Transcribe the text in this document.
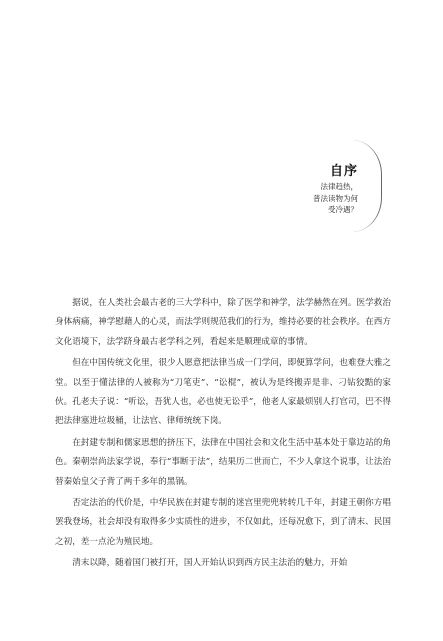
自序
法律趋热，
普法读物为何
受冷遇？

据说，在人类社会最古老的三大学科中，除了医学和神学，法学赫然在列。医学救治身体病痛，神学慰藉人的心灵，而法学则规范我们的行为，维持必要的社会秩序。在西方文化语境下，法学跻身最古老学科之列，看起来是顺理成章的事情。

但在中国传统文化里，很少人愿意把法律当成一门学问，即便算学问，也难登大雅之堂。以至于懂法律的人被称为“刀笔吏”、“讼棍”，被认为是终搬弄是非、刁钻狡黠的家伙。孔老夫子说：“听讼，吾犹人也，必也使无讼乎”，他老人家最烦别人打官司，巴不得把法律塞进垃圾桶，让法官、律师统统下岗。

在封建专制和儒家思想的挤压下，法律在中国社会和文化生活中基本处于靠边站的角色。秦朝崇尚法家学说，奉行“事断于法”，结果历二世而亡，不少人拿这个说事，让法治替秦始皇父子背了两千多年的黑锅。

否定法治的代价是，中华民族在封建专制的迷宫里兜兜转转几千年，封建王朝你方唱罢我登场，社会却没有取得多少实质性的进步，不仅如此，还每况愈下，到了清末、民国之初，差一点沦为殖民地。

清末以降，随着国门被打开，国人开始认识到西方民主法治的魅力，开始
